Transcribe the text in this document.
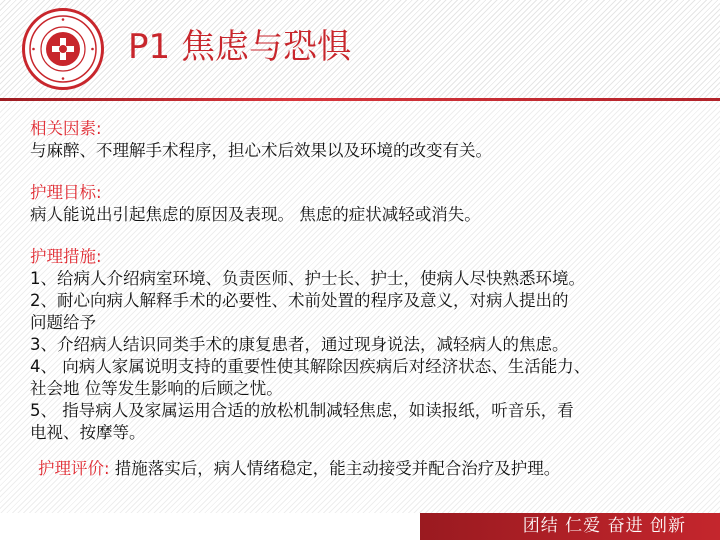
P1 焦虑与恐惧
相关因素:
与麻醉、不理解手术程序，担心术后效果以及环境的改变有关。
护理目标:
病人能说出引起焦虑的原因及表现。 焦虑的症状减轻或消失。
护理措施:
1、给病人介绍病室环境、负责医师、护士长、护士，使病人尽快熟悉环境。
2、耐心向病人解释手术的必要性、术前处置的程序及意义，对病人提出的
问题给予
3、介绍病人结识同类手术的康复患者，通过现身说法，减轻病人的焦虑。
4、 向病人家属说明支持的重要性使其解除因疾病后对经济状态、生活能力、
社会地 位等发生影响的后顾之忧。
5、 指导病人及家属运用合适的放松机制减轻焦虑，如读报纸，听音乐，看
电视、按摩等。
护理评价: 措施落实后，病人情绪稳定，能主动接受并配合治疗及护理。
团结 仁爱 奋进 创新
